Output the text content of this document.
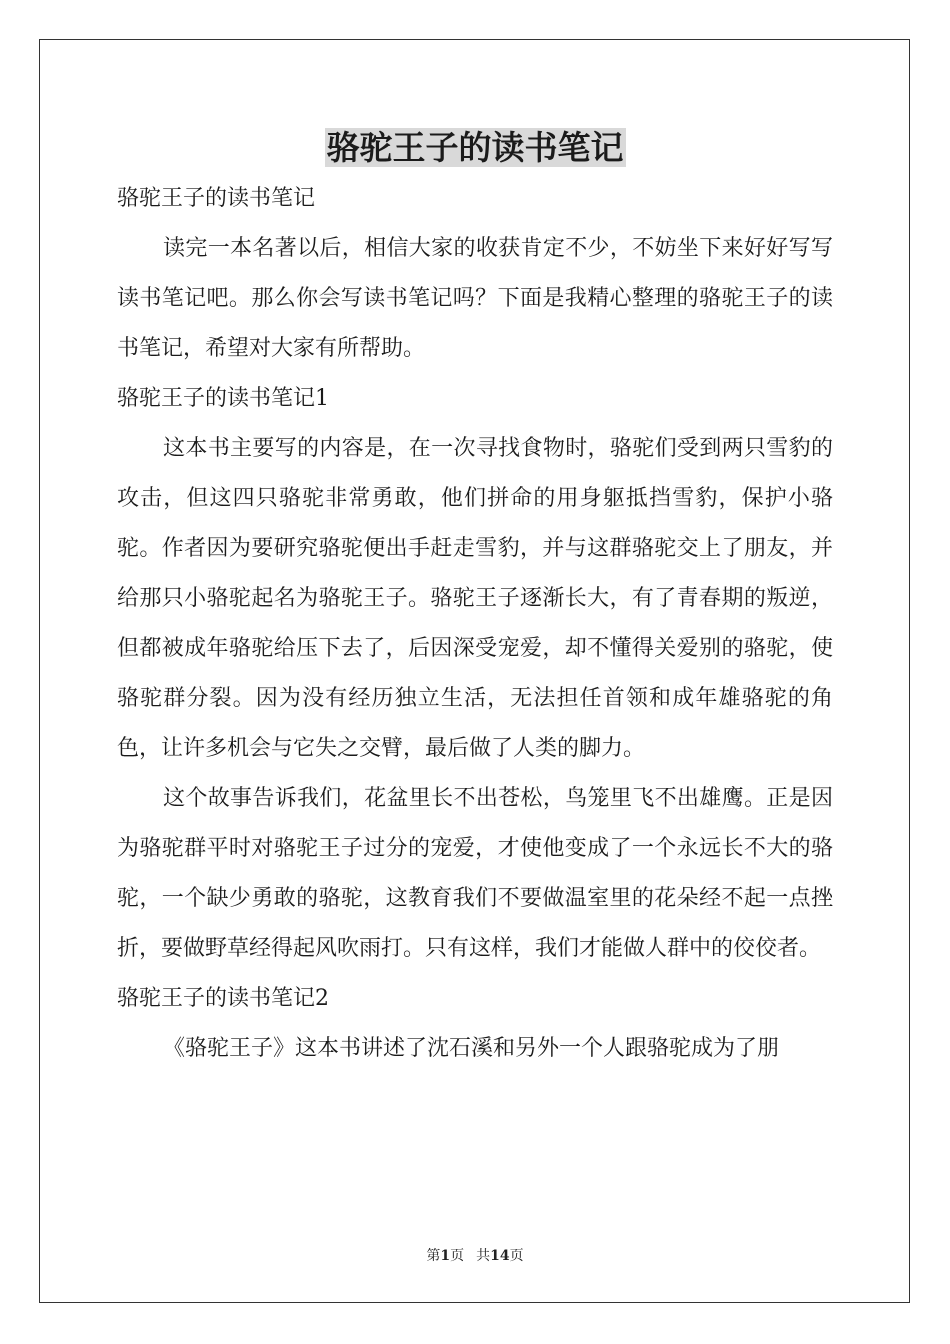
骆驼王子的读书笔记

骆驼王子的读书笔记

读完一本名著以后，相信大家的收获肯定不少，不妨坐下来好好写写读书笔记吧。那么你会写读书笔记吗？下面是我精心整理的骆驼王子的读书笔记，希望对大家有所帮助。

骆驼王子的读书笔记1

这本书主要写的内容是，在一次寻找食物时，骆驼们受到两只雪豹的攻击，但这四只骆驼非常勇敢，他们拼命的用身躯抵挡雪豹，保护小骆驼。作者因为要研究骆驼便出手赶走雪豹，并与这群骆驼交上了朋友，并给那只小骆驼起名为骆驼王子。骆驼王子逐渐长大，有了青春期的叛逆，但都被成年骆驼给压下去了，后因深受宠爱，却不懂得关爱别的骆驼，使骆驼群分裂。因为没有经历独立生活，无法担任首领和成年雄骆驼的角色，让许多机会与它失之交臂，最后做了人类的脚力。

这个故事告诉我们，花盆里长不出苍松，鸟笼里飞不出雄鹰。正是因为骆驼群平时对骆驼王子过分的宠爱，才使他变成了一个永远长不大的骆驼，一个缺少勇敢的骆驼，这教育我们不要做温室里的花朵经不起一点挫折，要做野草经得起风吹雨打。只有这样，我们才能做人群中的佼佼者。

骆驼王子的读书笔记2

《骆驼王子》这本书讲述了沈石溪和另外一个人跟骆驼成为了朋

第1页 共14页
